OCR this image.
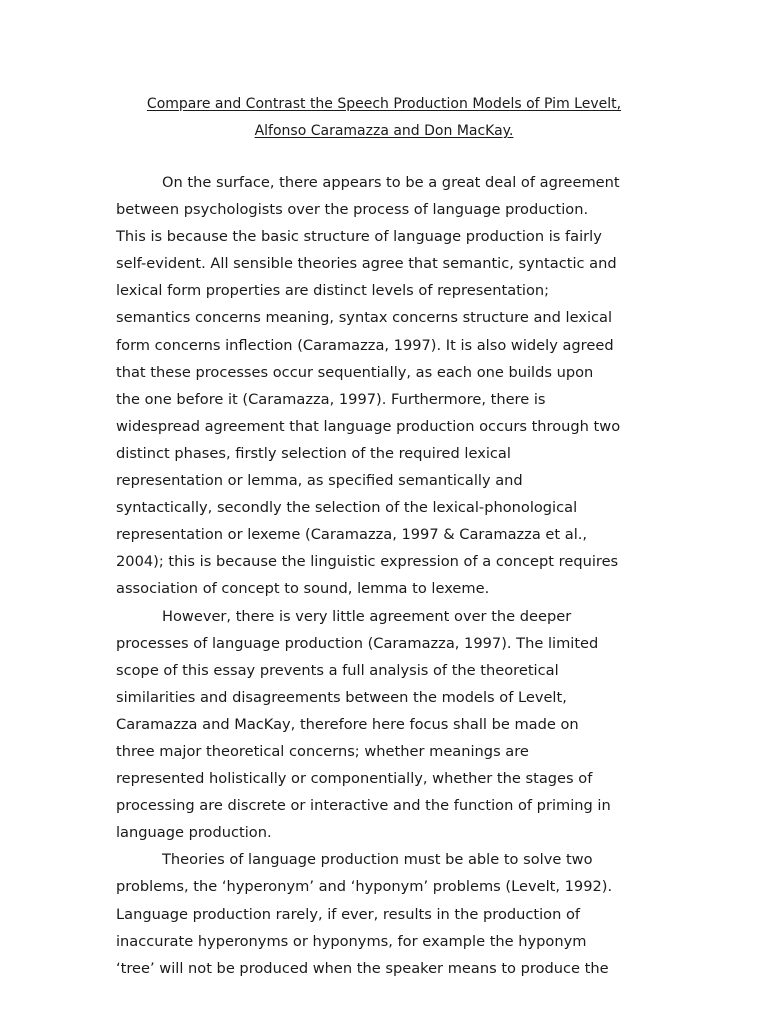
Compare and Contrast the Speech Production Models of Pim Levelt,
Alfonso Caramazza and Don MacKay.
On the surface, there appears to be a great deal of agreement
between psychologists over the process of language production.
This is because the basic structure of language production is fairly
self-evident. All sensible theories agree that semantic, syntactic and
lexical form properties are distinct levels of representation;
semantics concerns meaning, syntax concerns structure and lexical
form concerns inflection (Caramazza, 1997). It is also widely agreed
that these processes occur sequentially, as each one builds upon
the one before it (Caramazza, 1997). Furthermore, there is
widespread agreement that language production occurs through two
distinct phases, firstly selection of the required lexical
representation or lemma, as specified semantically and
syntactically, secondly the selection of the lexical-phonological
representation or lexeme (Caramazza, 1997 & Caramazza et al.,
2004); this is because the linguistic expression of a concept requires
association of concept to sound, lemma to lexeme.
However, there is very little agreement over the deeper
processes of language production (Caramazza, 1997). The limited
scope of this essay prevents a full analysis of the theoretical
similarities and disagreements between the models of Levelt,
Caramazza and MacKay, therefore here focus shall be made on
three major theoretical concerns; whether meanings are
represented holistically or componentially, whether the stages of
processing are discrete or interactive and the function of priming in
language production.
Theories of language production must be able to solve two
problems, the ‘hyperonym’ and ‘hyponym’ problems (Levelt, 1992).
Language production rarely, if ever, results in the production of
inaccurate hyperonyms or hyponyms, for example the hyponym
‘tree’ will not be produced when the speaker means to produce the
